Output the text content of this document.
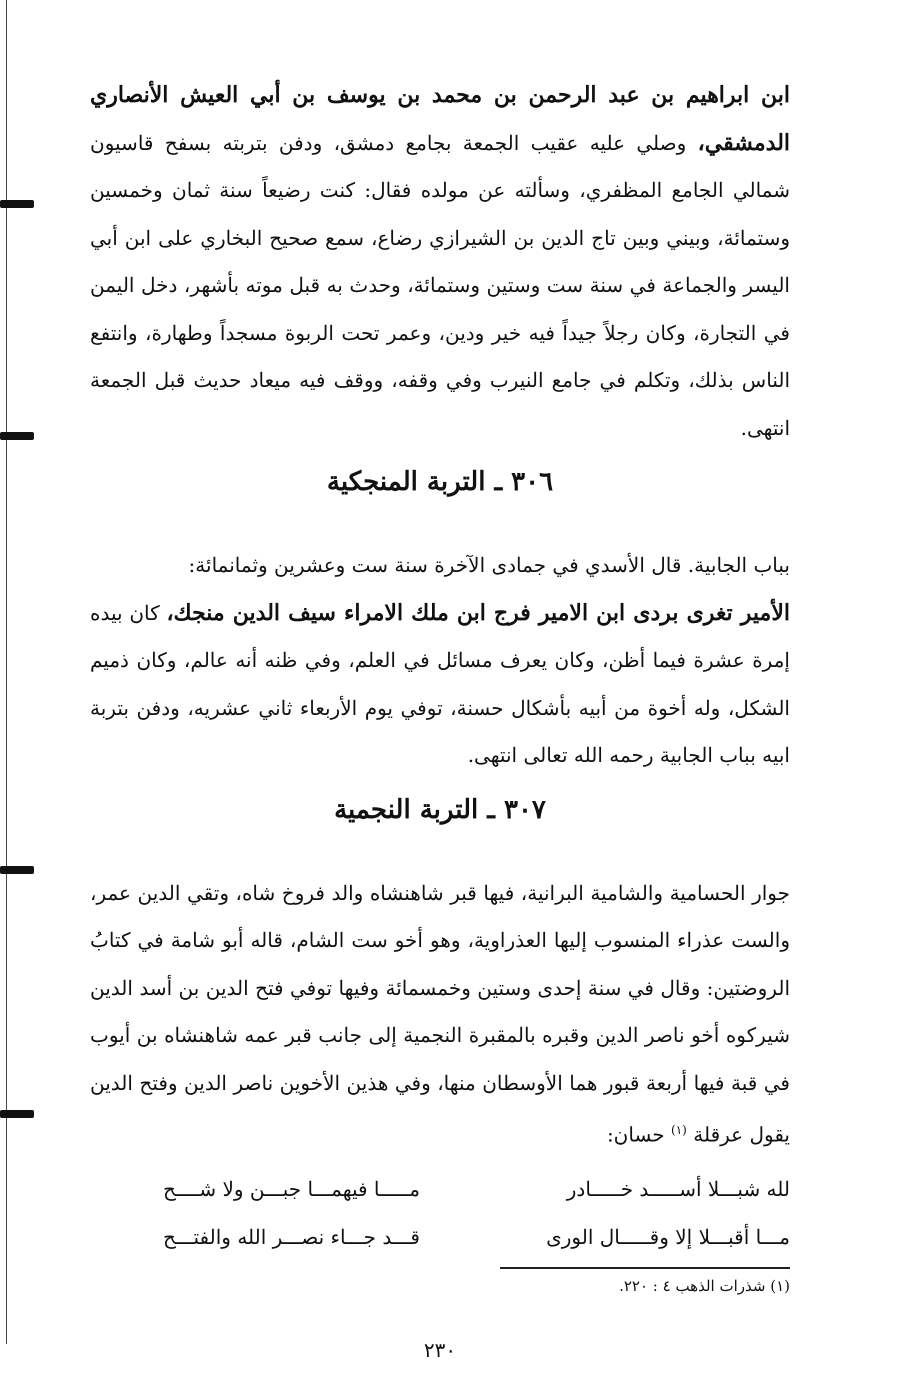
ابن ابراهيم بن عبد الرحمن بن محمد بن يوسف بن أبي العيش الأنصاري الدمشقي، وصلي عليه عقيب الجمعة بجامع دمشق، ودفن بتربته بسفح قاسيون شمالي الجامع المظفري، وسألته عن مولده فقال: كنت رضيعاً سنة ثمان وخمسين وستمائة، وبيني وبين تاج الدين بن الشيرازي رضاع، سمع صحيح البخاري على ابن أبي اليسر والجماعة في سنة ست وستين وستمائة، وحدث به قبل موته بأشهر، دخل اليمن في التجارة، وكان رجلاً جيداً فيه خير ودين، وعمر تحت الربوة مسجداً وطهارة، وانتفع الناس بذلك، وتكلم في جامع النيرب وفي وقفه، ووقف فيه ميعاد حديث قبل الجمعة انتهى.

٣٠٦ ـ التربة المنجكية

بباب الجابية. قال الأسدي في جمادى الآخرة سنة ست وعشرين وثمانمائة:
الأمير تغرى بردى ابن الامير فرج ابن ملك الامراء سيف الدين منجك، كان بيده إمرة عشرة فيما أظن، وكان يعرف مسائل في العلم، وفي ظنه أنه عالم، وكان ذميم الشكل، وله أخوة من أبيه بأشكال حسنة، توفي يوم الأربعاء ثاني عشريه، ودفن بتربة ابيه بباب الجابية رحمه الله تعالى انتهى.

٣٠٧ ـ التربة النجمية

جوار الحسامية والشامية البرانية، فيها قبر شاهنشاه والد فروخ شاه، وتقي الدين عمر، والست عذراء المنسوب إليها العذراوية، وهو أخو ست الشام، قاله أبو شامة في كتابُ الروضتين: وقال في سنة إحدى وستين وخمسمائة وفيها توفي فتح الدين بن أسد الدين شيركوه أخو ناصر الدين وقبره بالمقبرة النجمية إلى جانب قبر عمه شاهنشاه بن أيوب في قبة فيها أربعة قبور هما الأوسطان منها، وفي هذين الأخوين ناصر الدين وفتح الدين يقول عرقلة $^{(١)}$ حسان:

لله شبـــلا أســـــد خـــــادر
مـــــا فيهمـــا جبـــن ولا شــــح
مـــا أقبـــلا إلا وقـــــال الورى
قـــد جـــاء نصـــر الله والفتـــح
(١) شذرات الذهب ٤ : ٢٢٠.
٢٣٠
